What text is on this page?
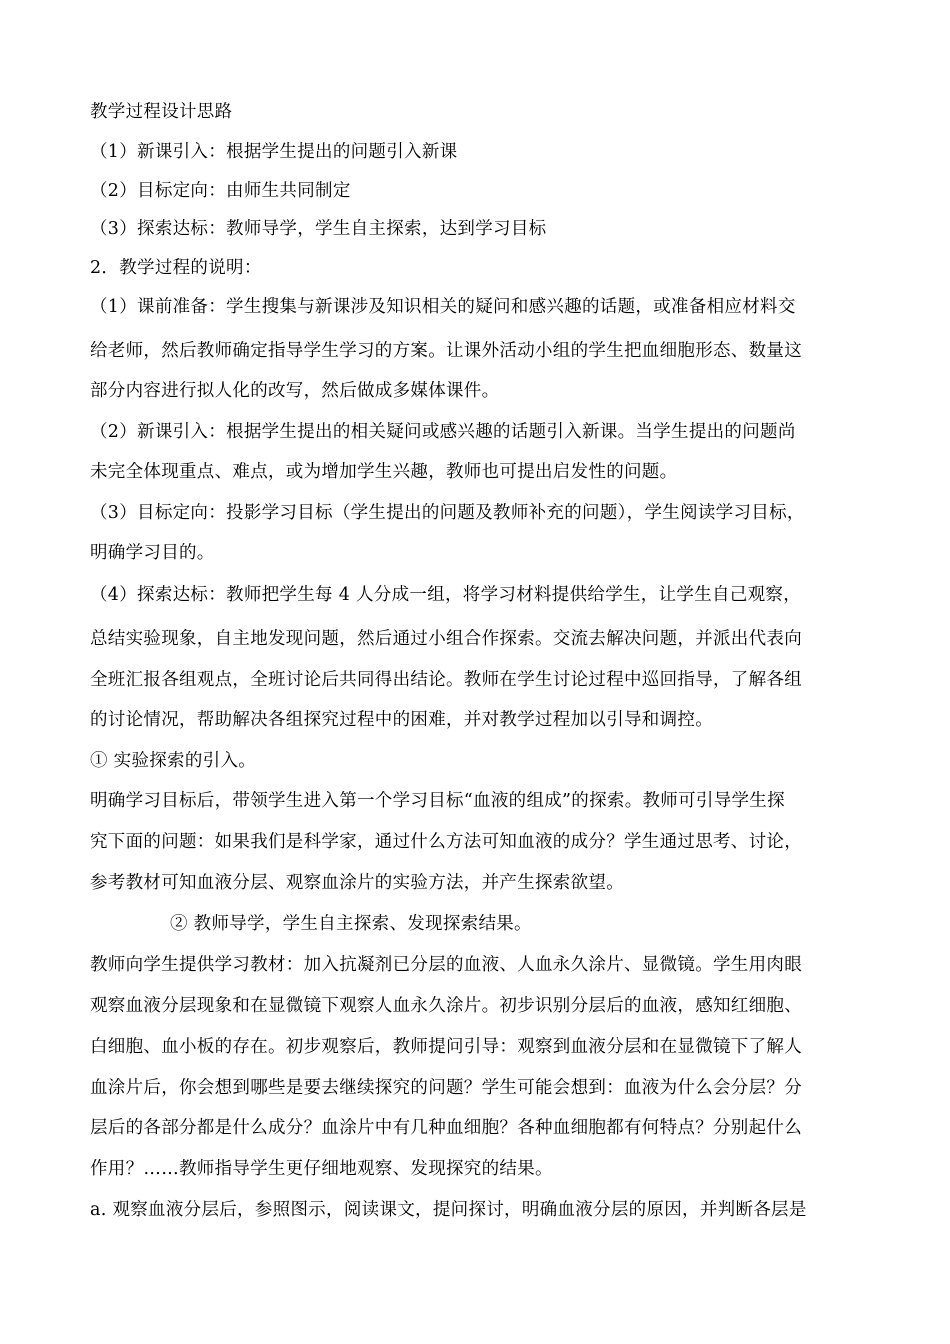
教学过程设计思路
（1）新课引入：根据学生提出的问题引入新课
（2）目标定向：由师生共同制定
（3）探索达标：教师导学，学生自主探索，达到学习目标
2．教学过程的说明：
（1）课前准备：学生搜集与新课涉及知识相关的疑问和感兴趣的话题，或准备相应材料交
给老师，然后教师确定指导学生学习的方案。让课外活动小组的学生把血细胞形态、数量这
部分内容进行拟人化的改写，然后做成多媒体课件。
（2）新课引入：根据学生提出的相关疑问或感兴趣的话题引入新课。当学生提出的问题尚
未完全体现重点、难点，或为增加学生兴趣，教师也可提出启发性的问题。
（3）目标定向：投影学习目标（学生提出的问题及教师补充的问题），学生阅读学习目标，
明确学习目的。
（4）探索达标：教师把学生每 4 人分成一组，将学习材料提供给学生，让学生自己观察，
总结实验现象，自主地发现问题，然后通过小组合作探索。交流去解决问题，并派出代表向
全班汇报各组观点，全班讨论后共同得出结论。教师在学生讨论过程中巡回指导，了解各组
的讨论情况，帮助解决各组探究过程中的困难，并对教学过程加以引导和调控。
① 实验探索的引入。
明确学习目标后，带领学生进入第一个学习目标“血液的组成”的探索。教师可引导学生探
究下面的问题：如果我们是科学家，通过什么方法可知血液的成分？学生通过思考、讨论，
参考教材可知血液分层、观察血涂片的实验方法，并产生探索欲望。
② 教师导学，学生自主探索、发现探索结果。
教师向学生提供学习教材：加入抗凝剂已分层的血液、人血永久涂片、显微镜。学生用肉眼
观察血液分层现象和在显微镜下观察人血永久涂片。初步识别分层后的血液，感知红细胞、
白细胞、血小板的存在。初步观察后，教师提问引导：观察到血液分层和在显微镜下了解人
血涂片后，你会想到哪些是要去继续探究的问题？学生可能会想到：血液为什么会分层？分
层后的各部分都是什么成分？血涂片中有几种血细胞？各种血细胞都有何特点？分别起什么
作用？……教师指导学生更仔细地观察、发现探究的结果。
a. 观察血液分层后，参照图示，阅读课文，提问探讨，明确血液分层的原因，并判断各层是
